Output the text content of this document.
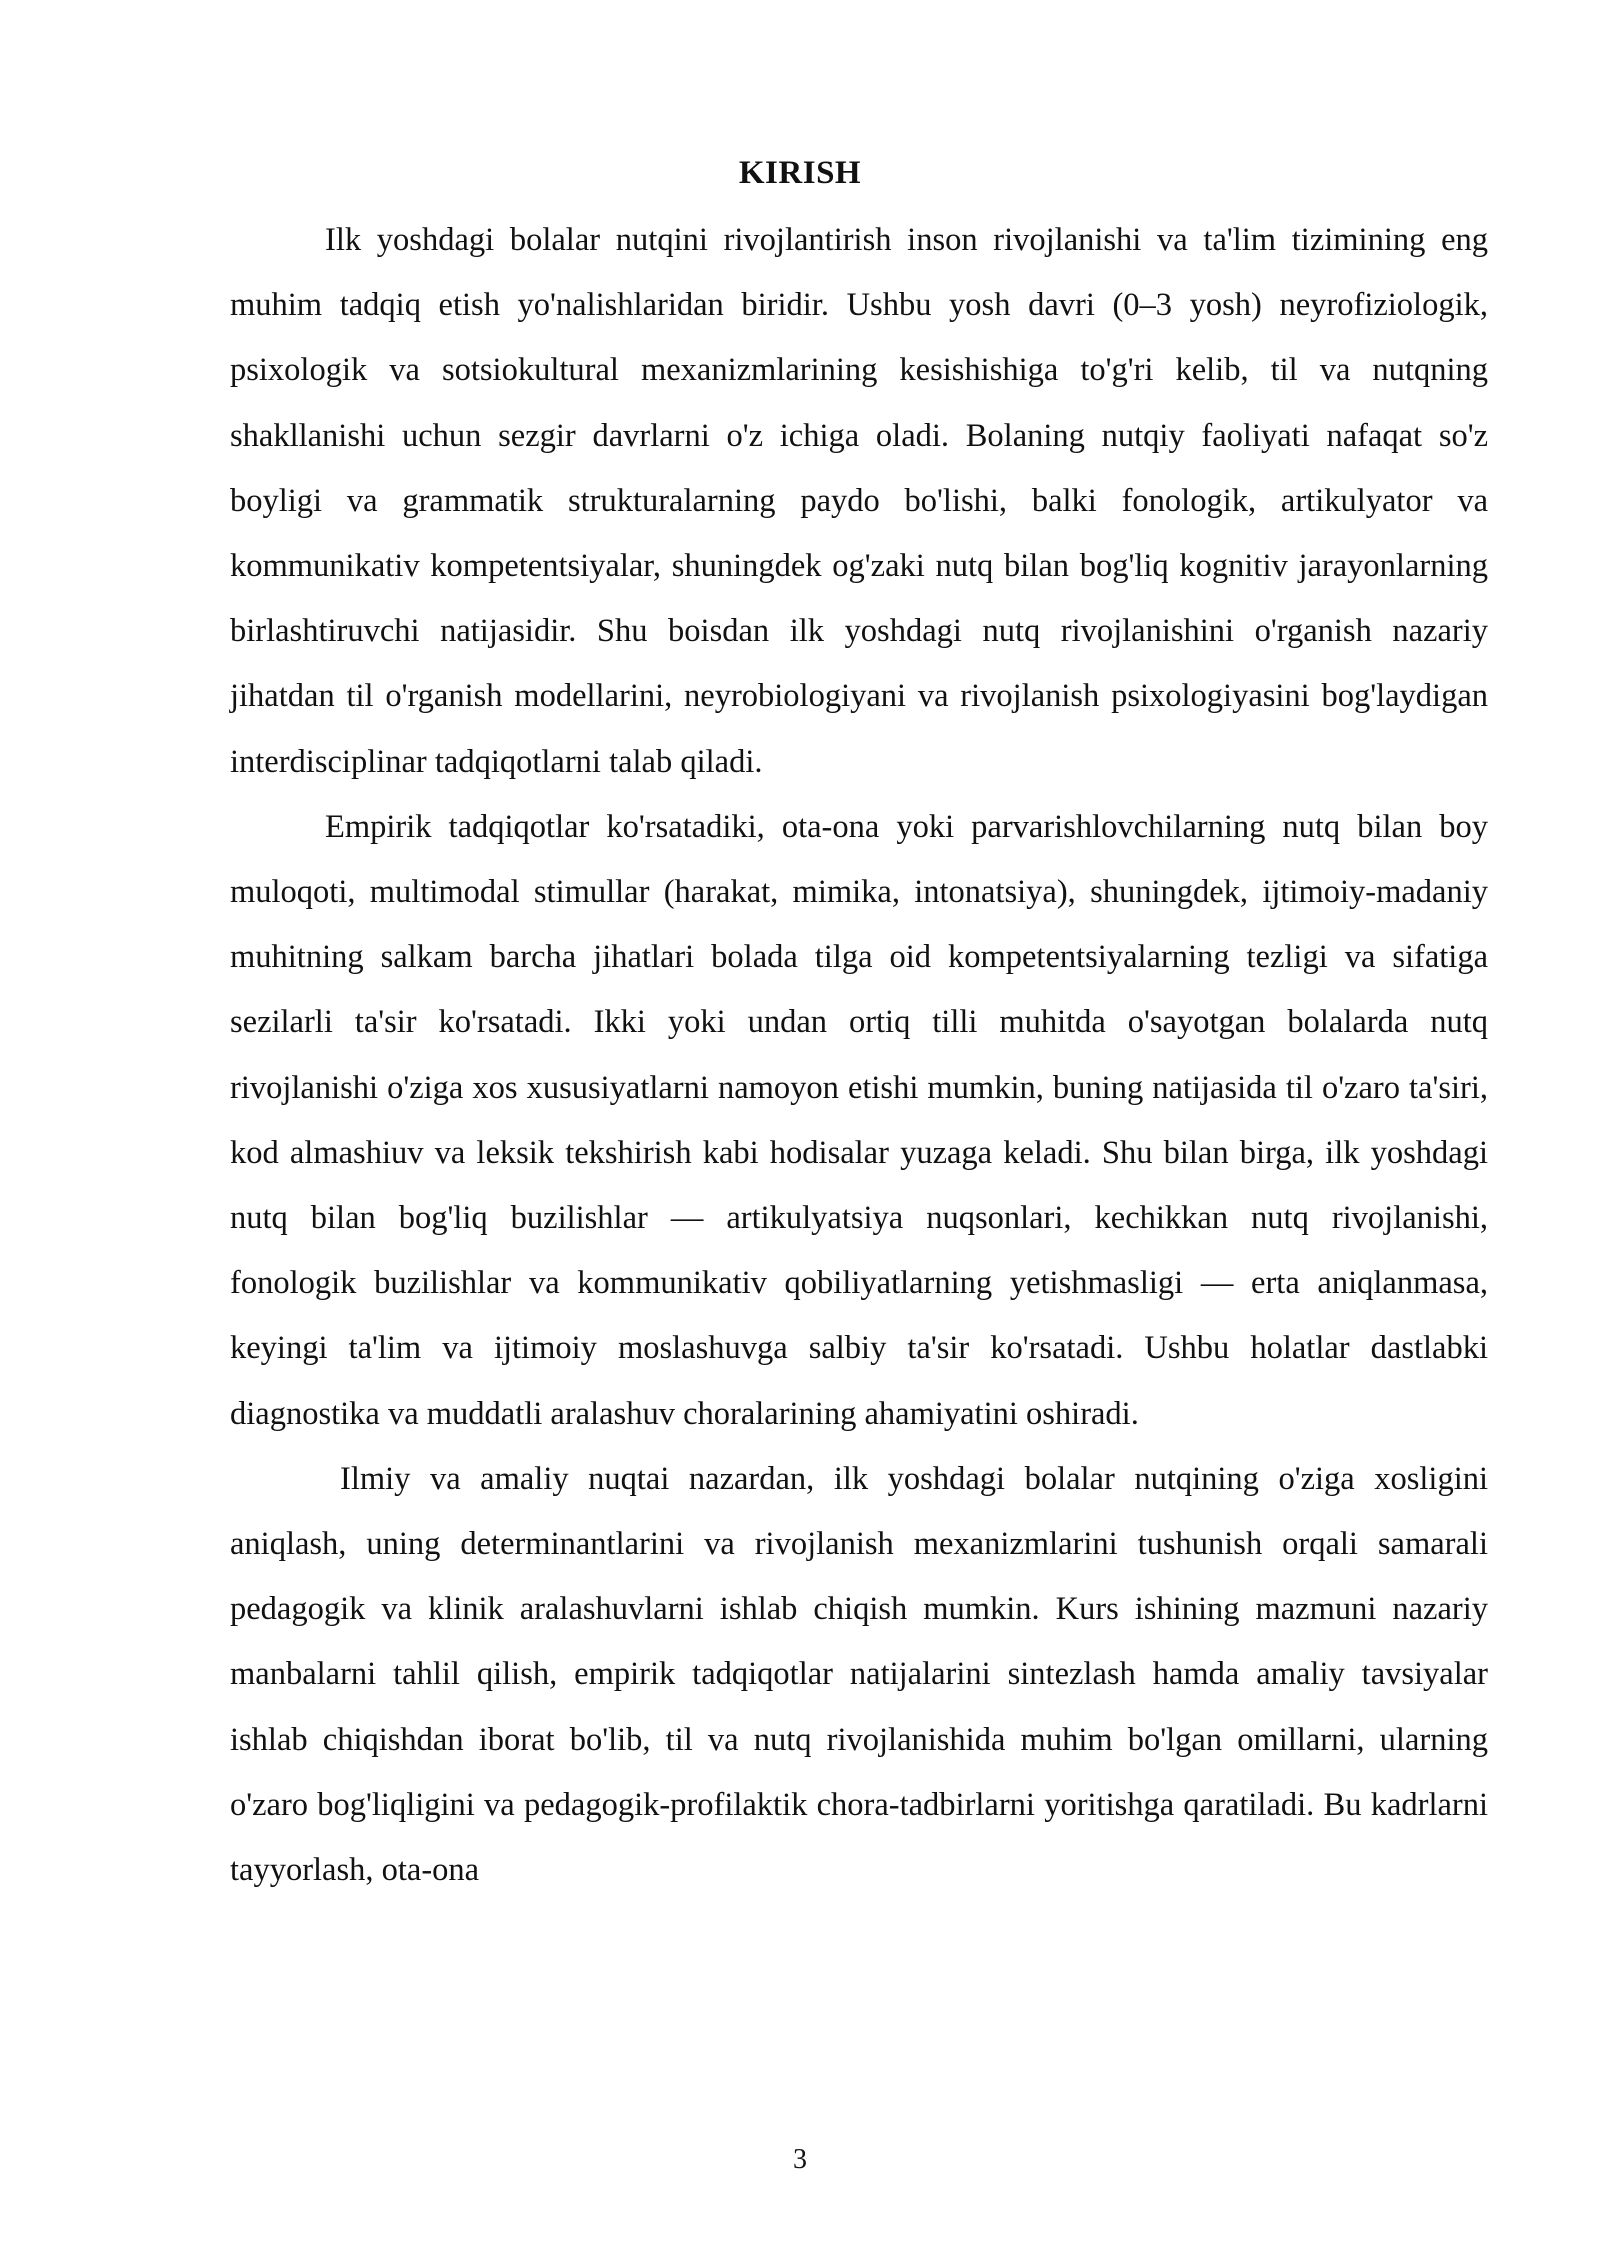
KIRISH

Ilk yoshdagi bolalar nutqini rivojlantirish inson rivojlanishi va ta'lim tizimining eng muhim tadqiq etish yo'nalishlaridan biridir. Ushbu yosh davri (0–3 yosh) neyrofiziologik, psixologik va sotsiokultural mexanizmlarining kesishishiga to'g'ri kelib, til va nutqning shakllanishi uchun sezgir davrlarni o'z ichiga oladi. Bolaning nutqiy faoliyati nafaqat so'z boyligi va grammatik strukturalarning paydo bo'lishi, balki fonologik, artikulyator va kommunikativ kompetentsiyalar, shuningdek og'zaki nutq bilan bog'liq kognitiv jarayonlarning birlashtiruvchi natijasidir. Shu boisdan ilk yoshdagi nutq rivojlanishini o'rganish nazariy jihatdan til o'rganish modellarini, neyrobiologiyani va rivojlanish psixologiyasini bog'laydigan interdisciplinar tadqiqotlarni talab qiladi.

Empirik tadqiqotlar ko'rsatadiki, ota-ona yoki parvarishlovchilarning nutq bilan boy muloqoti, multimodal stimullar (harakat, mimika, intonatsiya), shuningdek, ijtimoiy-madaniy muhitning salkam barcha jihatlari bolada tilga oid kompetentsiyalarning tezligi va sifatiga sezilarli ta'sir ko'rsatadi. Ikki yoki undan ortiq tilli muhitda o'sayotgan bolalarda nutq rivojlanishi o'ziga xos xususiyatlarni namoyon etishi mumkin, buning natijasida til o'zaro ta'siri, kod almashiuv va leksik tekshirish kabi hodisalar yuzaga keladi. Shu bilan birga, ilk yoshdagi nutq bilan bog'liq buzilishlar — artikulyatsiya nuqsonlari, kechikkan nutq rivojlanishi, fonologik buzilishlar va kommunikativ qobiliyatlarning yetishmasligi — erta aniqlanmasa, keyingi ta'lim va ijtimoiy moslashuvga salbiy ta'sir ko'rsatadi. Ushbu holatlar dastlabki diagnostika va muddatli aralashuv choralarining ahamiyatini oshiradi.

Ilmiy va amaliy nuqtai nazardan, ilk yoshdagi bolalar nutqining o'ziga xosligini aniqlash, uning determinantlarini va rivojlanish mexanizmlarini tushunish orqali samarali pedagogik va klinik aralashuvlarni ishlab chiqish mumkin. Kurs ishining mazmuni nazariy manbalarni tahlil qilish, empirik tadqiqotlar natijalarini sintezlash hamda amaliy tavsiyalar ishlab chiqishdan iborat bo'lib, til va nutq rivojlanishida muhim bo'lgan omillarni, ularning o'zaro bog'liqligini va pedagogik-profilaktik chora-tadbirlarni yoritishga qaratiladi. Bu kadrlarni tayyorlash, ota-ona

3
